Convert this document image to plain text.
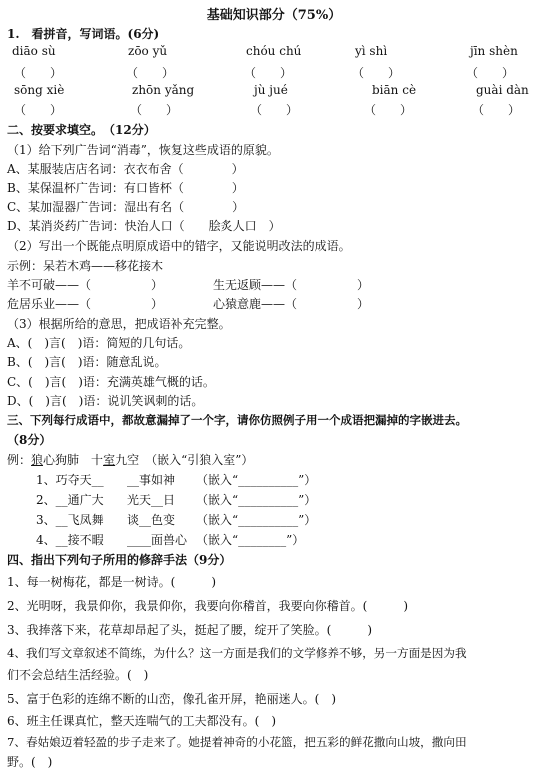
基础知识部分（75%）
1.　看拼音，写词语。(6分)
diāo sù	zōo yǔ	chóu chú	yì shì	jīn shèn
（　　）	（　　）	（　　）	（　　）	（　　）
sōng xiè	zhōn yǎng	jù jué	biān cè	guài dàn
（　　）	（　　）	（　　）	（　　）	（　　）
二、按要求填空。　（12分）
（1）给下列广告词“消毒”，恢复这些成语的原貌。
A、某服装店店名词：衣衣布舍（　　　　）
B、某保温杯广告词：有口皆杯（　　　　）
C、某加湿器广告词：湿出有名（　　　　）
D、某消炎药广告词：快治人口（　　脍炙人口　）
（2）写出一个既能点明原成语中的错字，又能说明改法的成语。
示例：呆若木鸡——移花接木
羊不可破——（　　　　　）	生无返顾——（　　　　　）
危居乐业——（　　　　　）	心猿意鹿——（　　　　　）
（3）根据所给的意思，把成语补充完整。
A、(　)言(　)语：简短的几句话。
B、(　)言(　)语：随意乱说。
C、(　)言(　)语：充满英雄气概的话。
D、(　)言(　)语：说讥笑讽刺的话。
三、下列每行成语中，都故意漏掉了一个字，请你仿照例子用一个成语把漏掉的字嵌进去。
（8分）
例：狼心狗肺　十室九空　 （嵌入“引狼入室”）
1、巧夺天__ __事如神 （嵌入“__________”）
2、__通广大 光天__日 （嵌入“__________”）
3、__飞凤舞 谈__色变 （嵌入“__________”）
4、__接不暇 ____面兽心 （嵌入“________”）
四、指出下列句子所用的修辞手法（9分）
1、每一树梅花，都是一树诗。(　　　)
2、光明呀，我景仰你，我景仰你，我要向你稽首，我要向你稽首。(　　　)
3、我捧落下来，花草却昂起了头，挺起了腰，绽开了笑脸。(　　　)
4、我们写文章叙述不简练，为什么？这一方面是我们的文学修养不够，另一方面是因为我
们不会总结生活经验。(　)
5、富于色彩的连绵不断的山峦，像孔雀开屏，艳丽迷人。(　)
6、班主任课真忙，整天连喘气的工夫都没有。(　)
7、春姑娘迈着轻盈的步子走来了。她提着神奇的小花篮，把五彩的鲜花撒向山坡，撒向田
野。(　)
